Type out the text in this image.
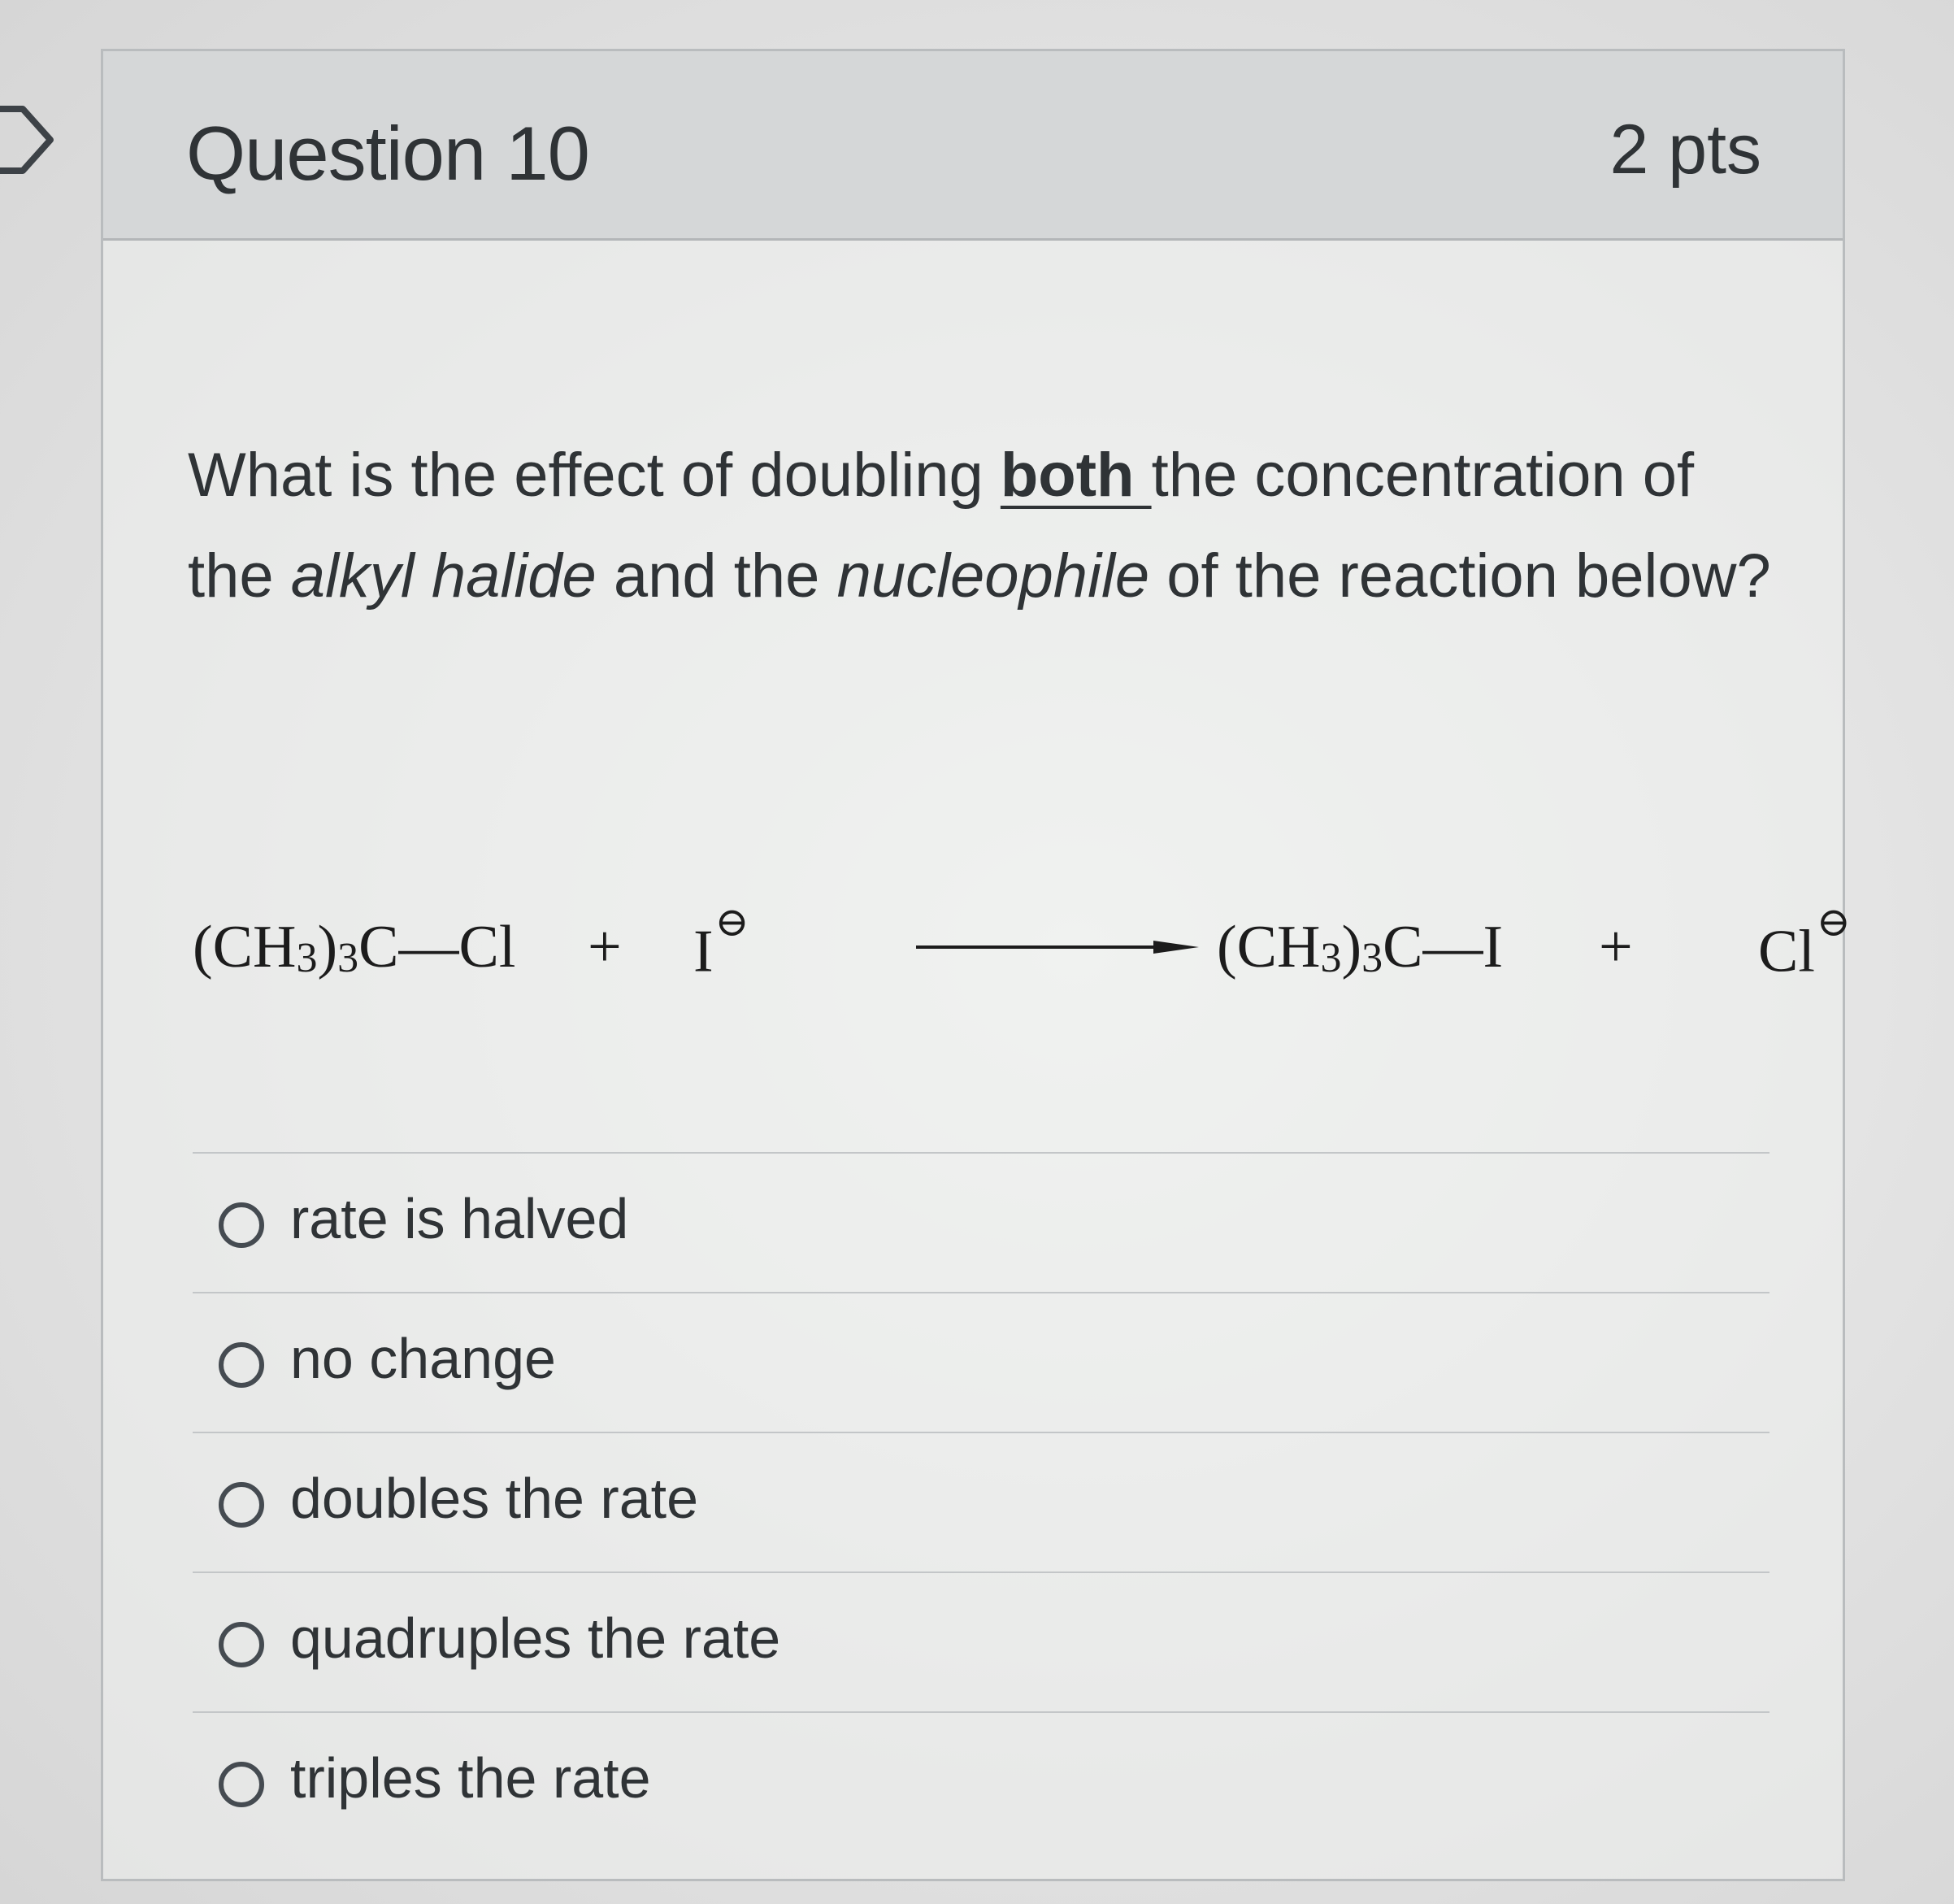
Question 10	2 pts
What is the effect of doubling both the concentration of the alkyl halide and the nucleophile of the reaction below?
$(CH_3)_3C—Cl + I^⊖$	$(CH_3)_3C—I + Cl^⊖$
rate is halved
no change
doubles the rate
quadruples the rate
triples the rate
